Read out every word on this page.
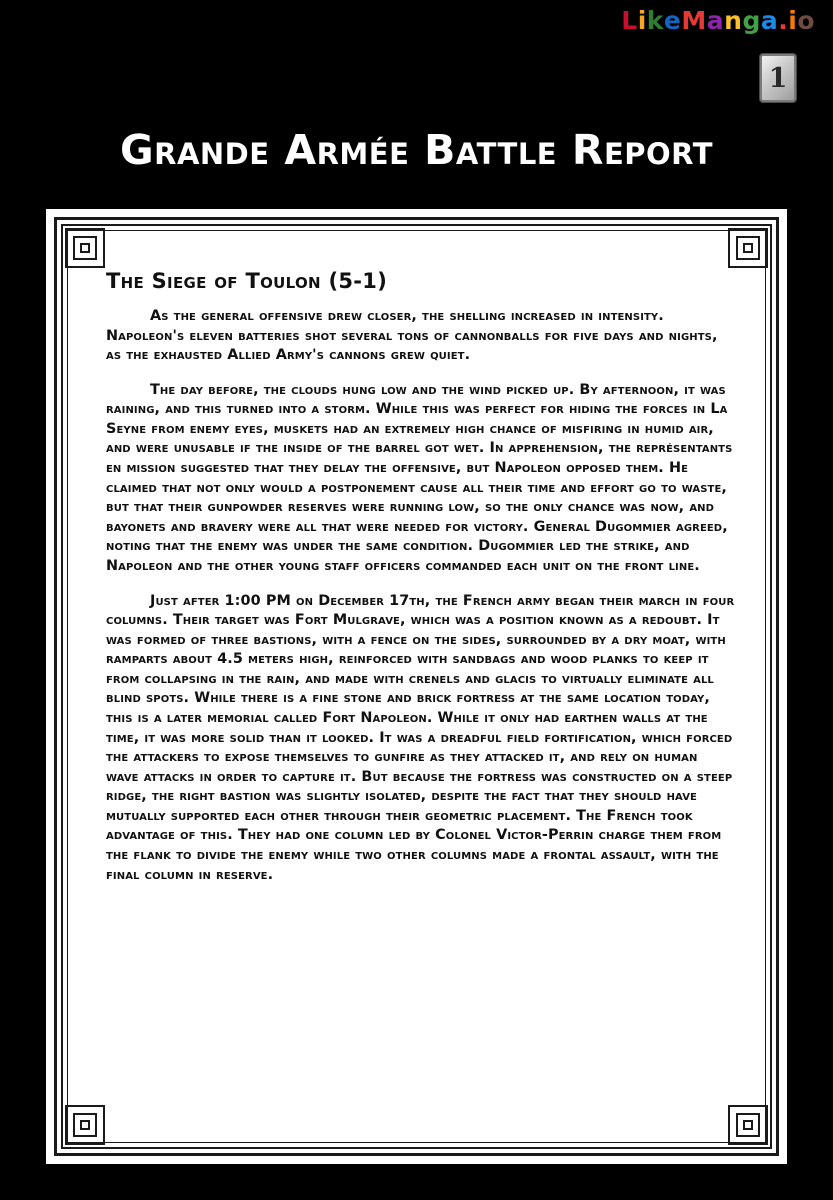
LikeManga.io
1
Grande Armée Battle Report
The Siege of Toulon (5-1)

As the general offensive drew closer, the shelling increased in intensity. Napoleon's eleven batteries shot several tons of cannonballs for five days and nights, as the exhausted Allied Army's cannons grew quiet.

The day before, the clouds hung low and the wind picked up. By afternoon, it was raining, and this turned into a storm. While this was perfect for hiding the forces in La Seyne from enemy eyes, muskets had an extremely high chance of misfiring in humid air, and were unusable if the inside of the barrel got wet. In apprehension, the représentants en mission suggested that they delay the offensive, but Napoleon opposed them. He claimed that not only would a postponement cause all their time and effort go to waste, but that their gunpowder reserves were running low, so the only chance was now, and bayonets and bravery were all that were needed for victory. General Dugommier agreed, noting that the enemy was under the same condition. Dugommier led the strike, and Napoleon and the other young staff officers commanded each unit on the front line.

Just after 1:00 PM on December 17th, the French army began their march in four columns. Their target was Fort Mulgrave, which was a position known as a redoubt. It was formed of three bastions, with a fence on the sides, surrounded by a dry moat, with ramparts about 4.5 meters high, reinforced with sandbags and wood planks to keep it from collapsing in the rain, and made with crenels and glacis to virtually eliminate all blind spots. While there is a fine stone and brick fortress at the same location today, this is a later memorial called Fort Napoleon. While it only had earthen walls at the time, it was more solid than it looked. It was a dreadful field fortification, which forced the attackers to expose themselves to gunfire as they attacked it, and rely on human wave attacks in order to capture it. But because the fortress was constructed on a steep ridge, the right bastion was slightly isolated, despite the fact that they should have mutually supported each other through their geometric placement. The French took advantage of this. They had one column led by Colonel Victor-Perrin charge them from the flank to divide the enemy while two other columns made a frontal assault, with the final column in reserve.
